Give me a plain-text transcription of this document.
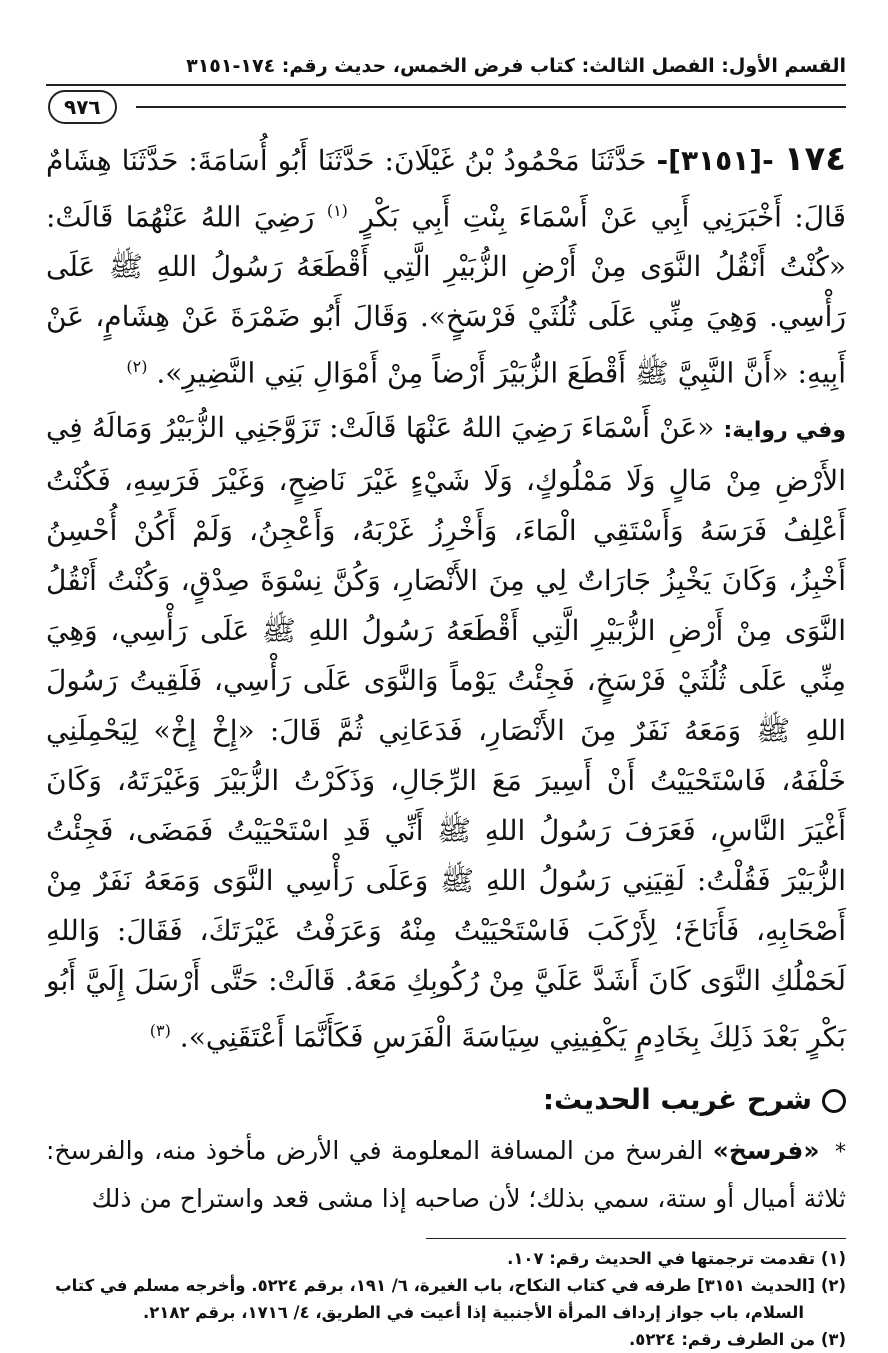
القسم الأول: الفصل الثالث: كتاب فرض الخمس، حديث رقم: ١٧٤-٣١٥١
٩٧٦
١٧٤ -[٣١٥١]- حَدَّثَنَا مَحْمُودُ بْنُ غَيْلَانَ: حَدَّثَنَا أَبُو أُسَامَةَ: حَدَّثَنَا هِشَامٌ قَالَ: أَخْبَرَنِي أَبِي عَنْ أَسْمَاءَ بِنْتِ أَبِي بَكْرٍ $^{(١)}$ رَضِيَ اللهُ عَنْهُمَا قَالَتْ: «كُنْتُ أَنْقُلُ النَّوَى مِنْ أَرْضِ الزُّبَيْرِ الَّتِي أَقْطَعَهُ رَسُولُ اللهِ ﷺ عَلَى رَأْسِي. وَهِيَ مِنِّي عَلَى ثُلُثَيْ فَرْسَخٍ». وَقَالَ أَبُو ضَمْرَةَ عَنْ هِشَامٍ، عَنْ أَبِيهِ: «أَنَّ النَّبِيَّ ﷺ أَقْطَعَ الزُّبَيْرَ أَرْضاً مِنْ أَمْوَالِ بَنِي النَّضِيرِ». $^{(٢)}$
وفي رواية: «عَنْ أَسْمَاءَ رَضِيَ اللهُ عَنْهَا قَالَتْ: تَزَوَّجَنِي الزُّبَيْرُ وَمَالَهُ فِي الأَرْضِ مِنْ مَالٍ وَلَا مَمْلُوكٍ، وَلَا شَيْءٍ غَيْرَ نَاضِحٍ، وَغَيْرَ فَرَسِهِ، فَكُنْتُ أَعْلِفُ فَرَسَهُ وَأَسْتَقِي الْمَاءَ، وَأَخْرِزُ غَرْبَهُ، وَأَعْجِنُ، وَلَمْ أَكُنْ أُحْسِنُ أَخْبِزُ، وَكَانَ يَخْبِزُ جَارَاتٌ لِي مِنَ الأَنْصَارِ، وَكُنَّ نِسْوَةَ صِدْقٍ، وَكُنْتُ أَنْقُلُ النَّوَى مِنْ أَرْضِ الزُّبَيْرِ الَّتِي أَقْطَعَهُ رَسُولُ اللهِ ﷺ عَلَى رَأْسِي، وَهِيَ مِنِّي عَلَى ثُلُثَيْ فَرْسَخٍ، فَجِئْتُ يَوْماً وَالنَّوَى عَلَى رَأْسِي، فَلَقِيتُ رَسُولَ اللهِ ﷺ وَمَعَهُ نَفَرٌ مِنَ الأَنْصَارِ، فَدَعَانِي ثُمَّ قَالَ: «إِخْ إِخْ» لِيَحْمِلَنِي خَلْفَهُ، فَاسْتَحْيَيْتُ أَنْ أَسِيرَ مَعَ الرِّجَالِ، وَذَكَرْتُ الزُّبَيْرَ وَغَيْرَتَهُ، وَكَانَ أَغْيَرَ النَّاسِ، فَعَرَفَ رَسُولُ اللهِ ﷺ أَنِّي قَدِ اسْتَحْيَيْتُ فَمَضَى، فَجِئْتُ الزُّبَيْرَ فَقُلْتُ: لَقِيَنِي رَسُولُ اللهِ ﷺ وَعَلَى رَأْسِي النَّوَى وَمَعَهُ نَفَرٌ مِنْ أَصْحَابِهِ، فَأَنَاخَ؛ لِأَرْكَبَ فَاسْتَحْيَيْتُ مِنْهُ وَعَرَفْتُ غَيْرَتَكَ، فَقَالَ: وَاللهِ لَحَمْلُكِ النَّوَى كَانَ أَشَدَّ عَلَيَّ مِنْ رُكُوبِكِ مَعَهُ. قَالَتْ: حَتَّى أَرْسَلَ إِلَيَّ أَبُو بَكْرٍ بَعْدَ ذَلِكَ بِخَادِمٍ يَكْفِينِي سِيَاسَةَ الْفَرَسِ فَكَأَنَّمَا أَعْتَقَنِي». $^{(٣)}$
شرح غريب الحديث:
* «فرسخ» الفرسخ من المسافة المعلومة في الأرض مأخوذ منه، والفرسخ: ثلاثة أميال أو ستة، سمي بذلك؛ لأن صاحبه إذا مشى قعد واستراح من ذلك
(١) تقدمت ترجمتها في الحديث رقم: ١٠٧.
(٢) [الحديث ٣١٥١] طرفه في كتاب النكاح، باب الغيرة، ٦/ ١٩١، برقم ٥٢٢٤. وأخرجه مسلم في كتاب السلام، باب جواز إرداف المرأة الأجنبية إذا أعيت في الطريق، ٤/ ١٧١٦، برقم ٢١٨٢.
(٣) من الطرف رقم: ٥٢٢٤.
